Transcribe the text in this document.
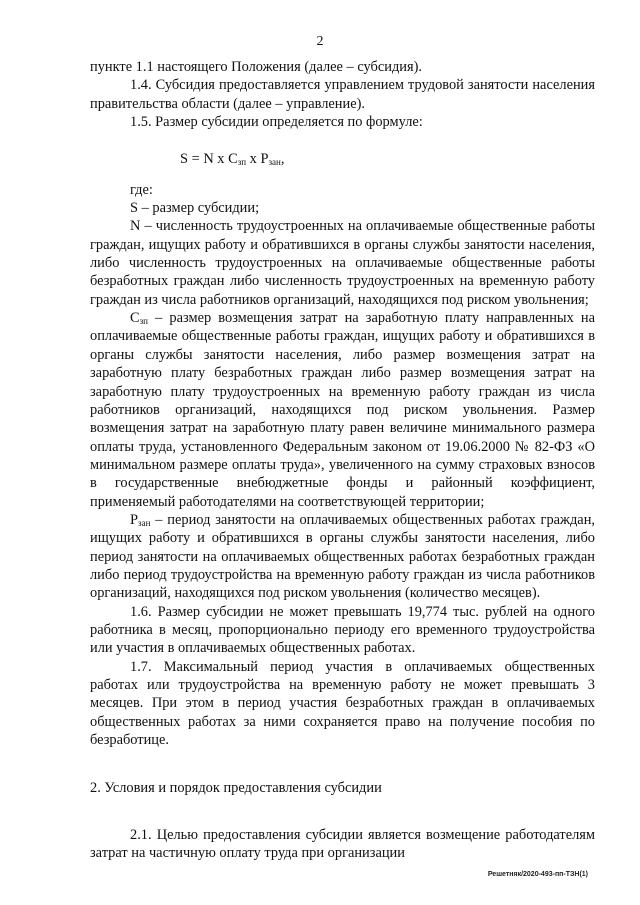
2

пункте 1.1 настоящего Положения (далее – субсидия).

1.4. Субсидия предоставляется управлением трудовой занятости населения правительства области (далее – управление).

1.5. Размер субсидии определяется по формуле:

S = N x $C_{зп}$ x $P_{зан}$,

где:

S – размер субсидии;

N – численность трудоустроенных на оплачиваемые общественные работы граждан, ищущих работу и обратившихся в органы службы занятости населения, либо численность трудоустроенных на оплачиваемые общественные работы безработных граждан либо численность трудоустроенных на временную работу граждан из числа работников организаций, находящихся под риском увольнения;

$C_{зп}$ – размер возмещения затрат на заработную плату направленных на оплачиваемые общественные работы граждан, ищущих работу и обратившихся в органы службы занятости населения, либо размер возмещения затрат на заработную плату безработных граждан либо размер возмещения затрат на заработную плату трудоустроенных на временную работу граждан из числа работников организаций, находящихся под риском увольнения. Размер возмещения затрат на заработную плату равен величине минимального размера оплаты труда, установленного Федеральным законом от 19.06.2000 № 82-ФЗ «О минимальном размере оплаты труда», увеличенного на сумму страховых взносов в государственные внебюджетные фонды и районный коэффициент, применяемый работодателями на соответствующей территории;

$P_{зан}$ – период занятости на оплачиваемых общественных работах граждан, ищущих работу и обратившихся в органы службы занятости населения, либо период занятости на оплачиваемых общественных работах безработных граждан либо период трудоустройства на временную работу граждан из числа работников организаций, находящихся под риском увольнения (количество месяцев).

1.6. Размер субсидии не может превышать 19,774 тыс. рублей на одного работника в месяц, пропорционально периоду его временного трудоустройства или участия в оплачиваемых общественных работах.

1.7. Максимальный период участия в оплачиваемых общественных работах или трудоустройства на временную работу не может превышать 3 месяцев. При этом в период участия безработных граждан в оплачиваемых общественных работах за ними сохраняется право на получение пособия по безработице.

2. Условия и порядок предоставления субсидии

2.1. Целью предоставления субсидии является возмещение работодателям затрат на частичную оплату труда при организации

Решетняк/2020-493-пп-ТЗН(1)
